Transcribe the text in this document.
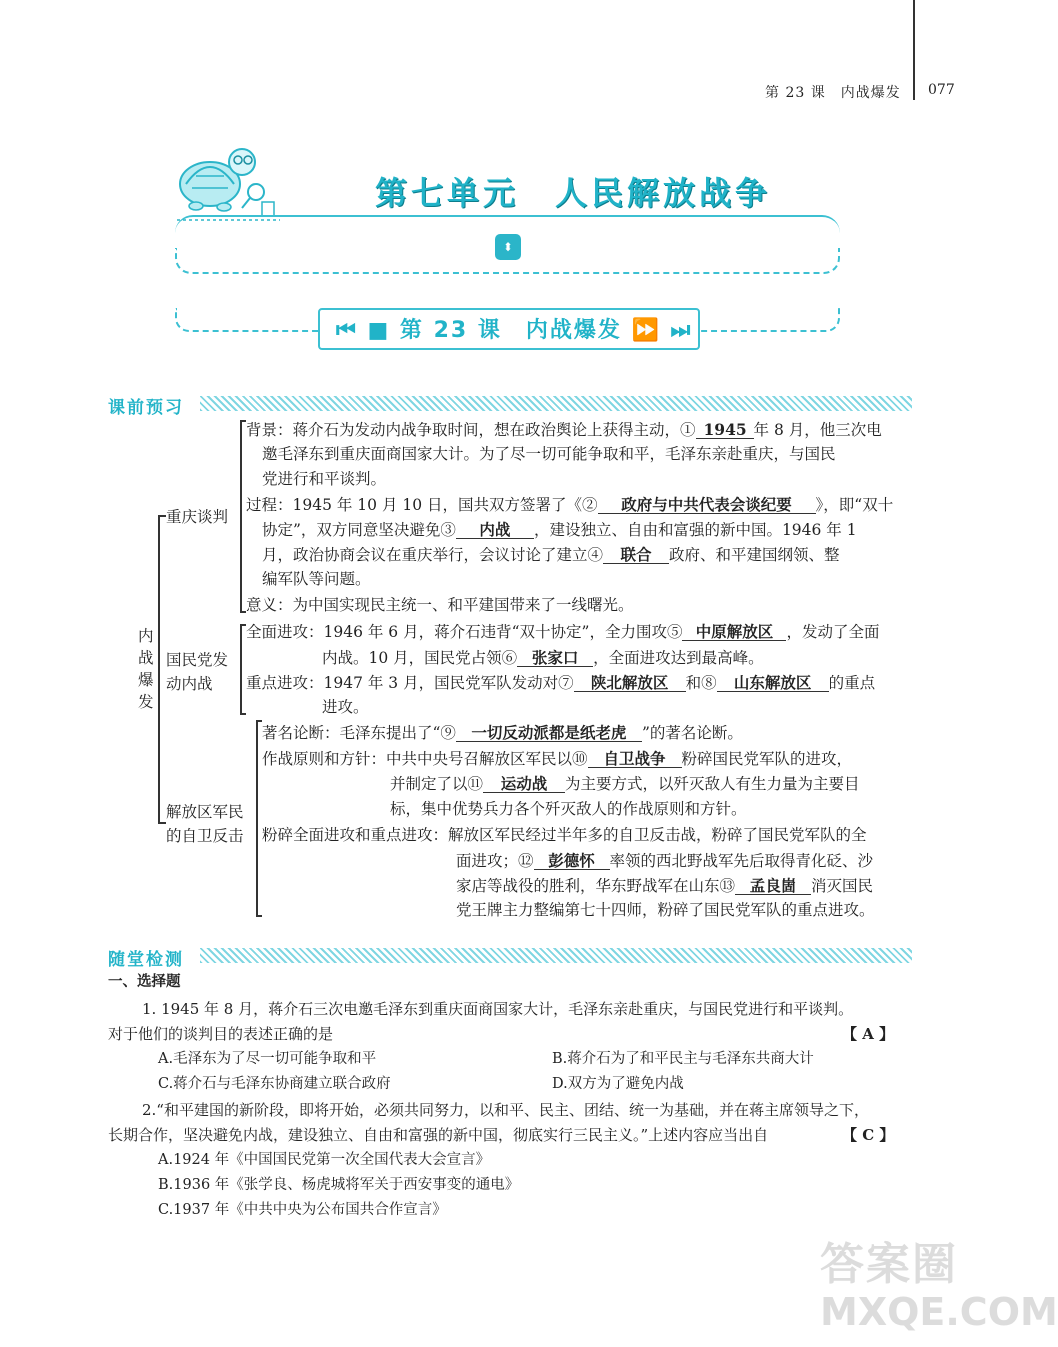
第 23 课　内战爆发 077
第七单元　人民解放战争
⬍
⏮ ■ 第 23 课　内战爆发 ⏩ ⏭
课前预习
内战爆发
重庆谈判
国民党发动内战
解放区军民的自卫反击
背景：蒋介石为发动内战争取时间，想在政治舆论上获得主动，① 1945 年 8 月，他三次电
邀毛泽东到重庆面商国家大计。为了尽一切可能争取和平，毛泽东亲赴重庆，与国民
党进行和平谈判。
过程：1945 年 10 月 10 日，国共双方签署了《② 政府与中共代表会谈纪要 》，即“双十
协定”，双方同意坚决避免③ 内战 ，建设独立、自由和富强的新中国。1946 年 1
月，政治协商会议在重庆举行，会议讨论了建立④ 联合 政府、和平建国纲领、整
编军队等问题。
意义：为中国实现民主统一、和平建国带来了一线曙光。
全面进攻：1946 年 6 月，蒋介石违背“双十协定”，全力围攻⑤ 中原解放区 ，发动了全面
内战。10 月，国民党占领⑥ 张家口 ，全面进攻达到最高峰。
重点进攻：1947 年 3 月，国民党军队发动对⑦ 陕北解放区 和⑧ 山东解放区 的重点
进攻。
著名论断：毛泽东提出了“⑨ 一切反动派都是纸老虎 ”的著名论断。
作战原则和方针：中共中央号召解放区军民以⑩ 自卫战争 粉碎国民党军队的进攻，
并制定了以⑪ 运动战 为主要方式，以歼灭敌人有生力量为主要目
标，集中优势兵力各个歼灭敌人的作战原则和方针。
粉碎全面进攻和重点进攻：解放区军民经过半年多的自卫反击战，粉碎了国民党军队的全
面进攻；⑫ 彭德怀 率领的西北野战军先后取得青化砭、沙
家店等战役的胜利，华东野战军在山东⑬ 孟良崮 消灭国民
党王牌主力整编第七十四师，粉碎了国民党军队的重点进攻。
随堂检测
一、选择题
1. 1945 年 8 月，蒋介石三次电邀毛泽东到重庆面商国家大计，毛泽东亲赴重庆，与国民党进行和平谈判。
对于他们的谈判目的表述正确的是	【 A 】
A.毛泽东为了尽一切可能争取和平	B.蒋介石为了和平民主与毛泽东共商大计
C.蒋介石与毛泽东协商建立联合政府	D.双方为了避免内战
2.“和平建国的新阶段，即将开始，必须共同努力，以和平、民主、团结、统一为基础，并在蒋主席领导之下，
长期合作，坚决避免内战，建设独立、自由和富强的新中国，彻底实行三民主义。”上述内容应当出自	【 C 】
A.1924 年《中国国民党第一次全国代表大会宣言》
B.1936 年《张学良、杨虎城将军关于西安事变的通电》
C.1937 年《中共中央为公布国共合作宣言》
答案圈
MXQE.COM
